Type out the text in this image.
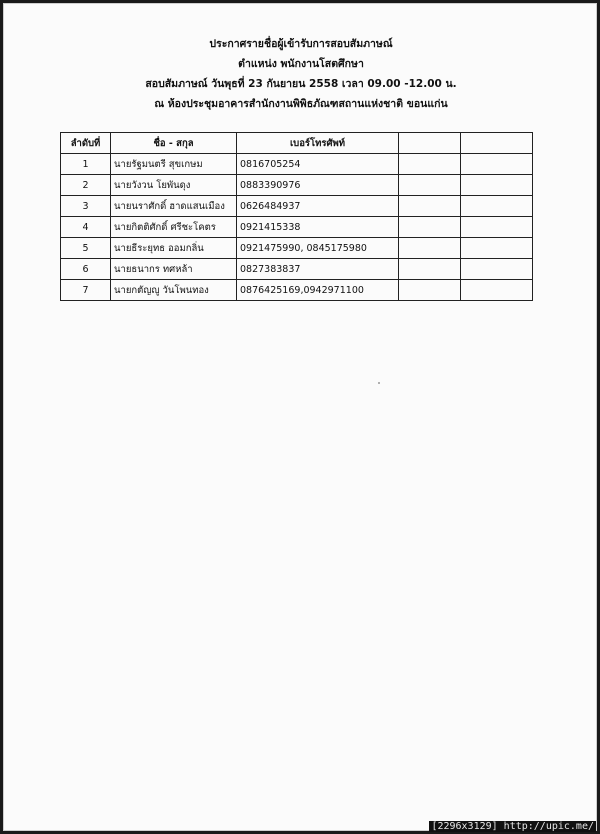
ประกาศรายชื่อผู้เข้ารับการสอบสัมภาษณ์
ตำแหน่ง พนักงานโสตศึกษา
สอบสัมภาษณ์ วันพุธที่ 23 กันยายน 2558 เวลา 09.00 -12.00 น.
ณ ห้องประชุมอาคารสำนักงานพิพิธภัณฑสถานแห่งชาติ ขอนแก่น
ลำดับที่	ชื่อ - สกุล	เบอร์โทรศัพท์		
1	นายรัฐมนตรี สุขเกษม	0816705254		
2	นายวังวน โยพันดุง	0883390976		
3	นายนราศักดิ์ ฮาดแสนเมือง	0626484937		
4	นายกิตติศักดิ์ ศรีชะโคตร	0921415338		
5	นายธีระยุทธ ออมกลิ่น	0921475990, 0845175980		
6	นายธนากร ทศหล้า	0827383837		
7	นายกตัญญู วันโพนทอง	0876425169,0942971100		
[2296x3129] http://upic.me/
